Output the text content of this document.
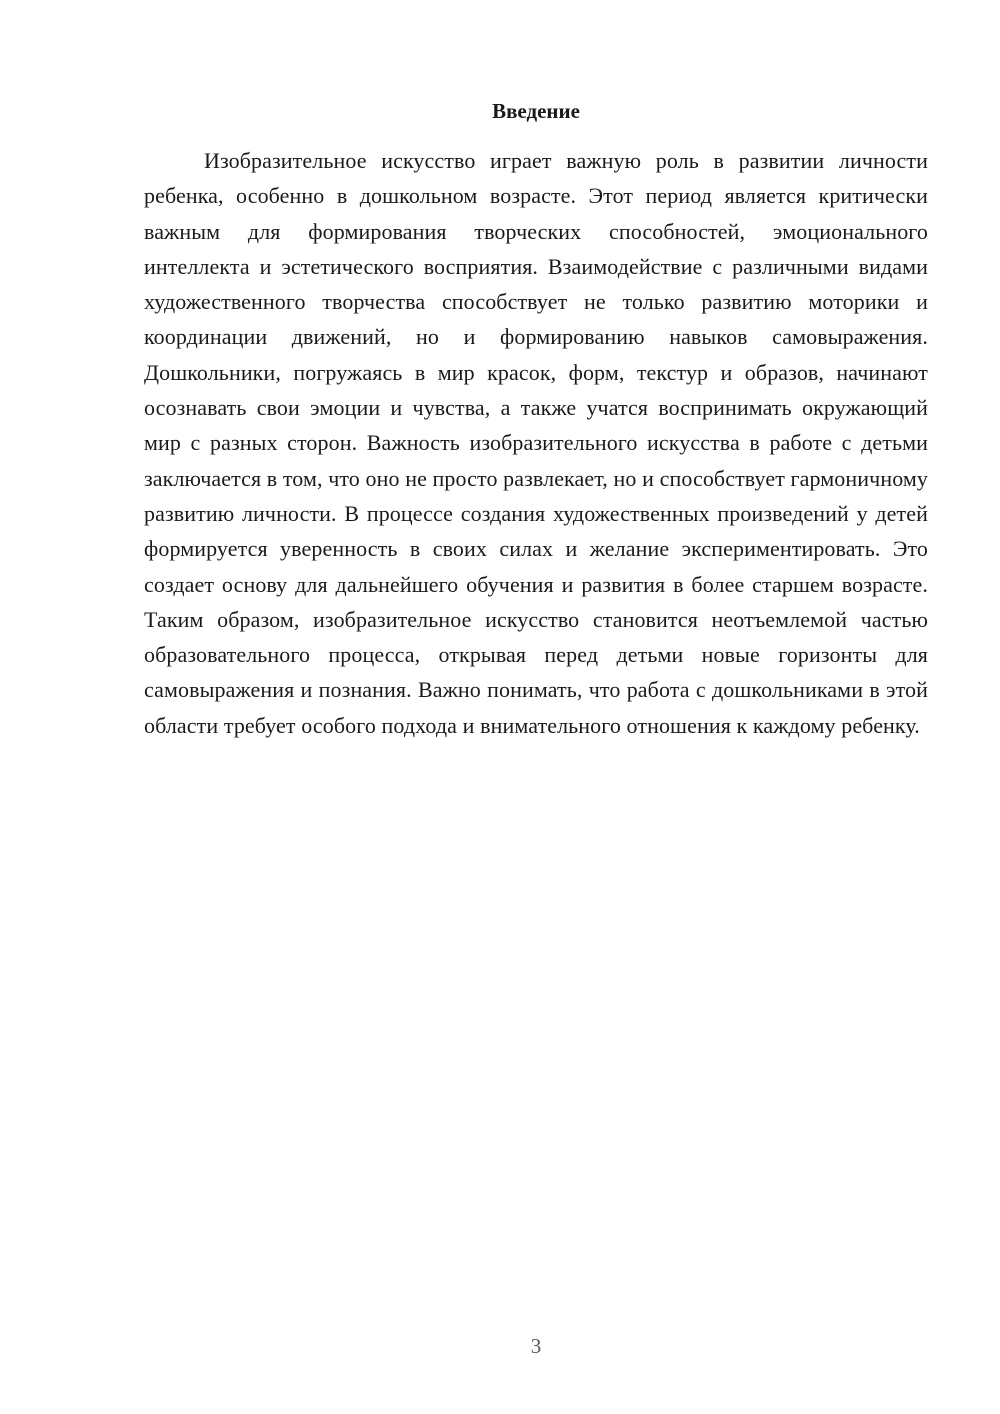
Введение

Изобразительное искусство играет важную роль в развитии личности ребенка, особенно в дошкольном возрасте. Этот период является критически важным для формирования творческих способностей, эмоционального интеллекта и эстетического восприятия. Взаимодействие с различными видами художественного творчества способствует не только развитию моторики и координации движений, но и формированию навыков самовыражения. Дошкольники, погружаясь в мир красок, форм, текстур и образов, начинают осознавать свои эмоции и чувства, а также учатся воспринимать окружающий мир с разных сторон. Важность изобразительного искусства в работе с детьми заключается в том, что оно не просто развлекает, но и способствует гармоничному развитию личности. В процессе создания художественных произведений у детей формируется уверенность в своих силах и желание экспериментировать. Это создает основу для дальнейшего обучения и развития в более старшем возрасте. Таким образом, изобразительное искусство становится неотъемлемой частью образовательного процесса, открывая перед детьми новые горизонты для самовыражения и познания. Важно понимать, что работа с дошкольниками в этой области требует особого подхода и внимательного отношения к каждому ребенку.

3
